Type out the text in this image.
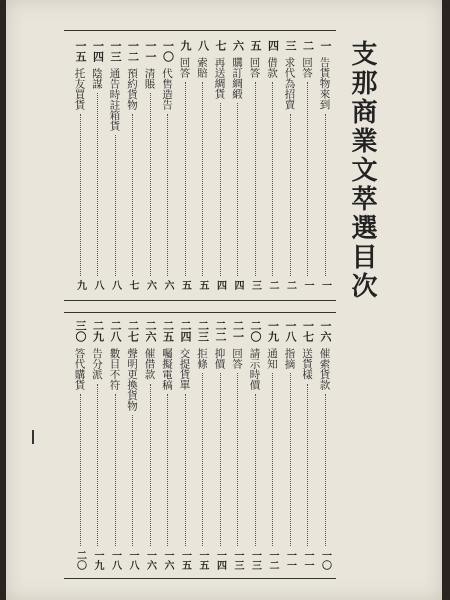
支那商業文萃選目次
一
告貨物來到
一
二
回答
一
三
求代為招賣
二
四
借款
二
五
回答
三
六
購訂綢緞
四
七
再送綢貨
四
八
索賠
五
九
回答
五
一〇
代售造告
六
一一
清賬
六
一二
預約貨物
七
一三
通告時註箱貨
八
一四
陰謀
八
一五
托友買貨
九
一六
催索貨款
一〇
一七
送貨樣
一一
一八
指摘
一一
一九
通知
一二
二〇
請示時價
一三
二一
回答
一三
二二
抑價
一四
二三
拒條
一五
二四
交提貨單
一五
二五
囑擬電稿
一六
二六
催借款
一六
二七
聲明更換貨物
一八
二八
數目不符
一八
二九
告分派
一九
三〇
答代購貨
二〇
